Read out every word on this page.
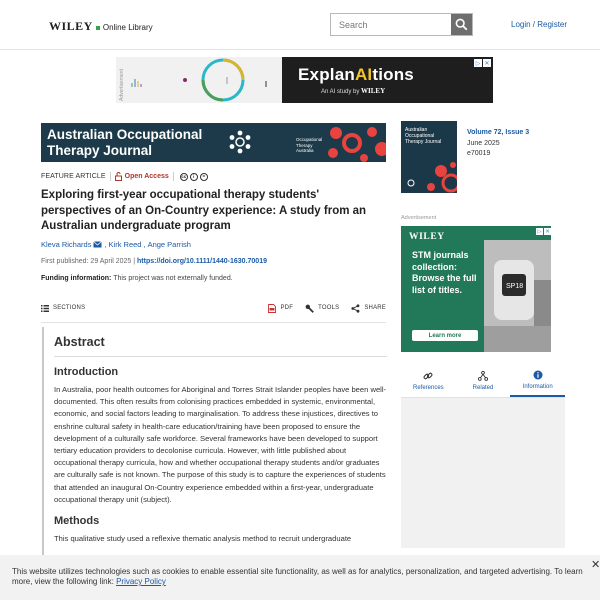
WILEY Online Library
Search	Login / Register
Advertisement	ExplanAItions
An AI study by WILEY
▷ ✕
Australian Occupational Therapy Journal
Occupational Therapy Australia
FEATURE ARTICLE	Open Access	cc	i	=
Exploring first-year occupational therapy students' perspectives of an On-Country experience: A study from an Australian undergraduate program
Kleva Richards , Kirk Reed , Ange Parrish
First published: 29 April 2025 | https://doi.org/10.1111/1440-1630.70019
Funding information: This project was not externally funded.
SECTIONS	PDF	TOOLS	SHARE
Abstract
Introduction

In Australia, poor health outcomes for Aboriginal and Torres Strait Islander peoples have been well-documented. This often results from colonising practices embedded in systemic, environmental, economic, and social factors leading to marginalisation. To address these injustices, directives to enshrine cultural safety in health-care education/training have been proposed to ensure the development of a culturally safe workforce. Several frameworks have been developed to support tertiary education providers to decolonise curricula. However, with little published about occupational therapy curricula, how and whether occupational therapy students and/or graduates are culturally safe is not known. The purpose of this study is to capture the experiences of students that attended an inaugural On-Country experience embedded within a first-year, undergraduate occupational therapy unit (subject).

Methods

This qualitative study used a reflexive thematic analysis method to recruit undergraduate

Australian Occupational Therapy Journal
Volume 72, Issue 3
June 2025
e70019
Advertisement
SP18
WILEY
STM journals collection: Browse the full list of titles.
Learn more
▷ ✕
References	Related	Information

This website utilizes technologies such as cookies to enable essential site functionality, as well as for analytics, personalization, and targeted advertising. To learn more, view the following link: Privacy Policy

✕
